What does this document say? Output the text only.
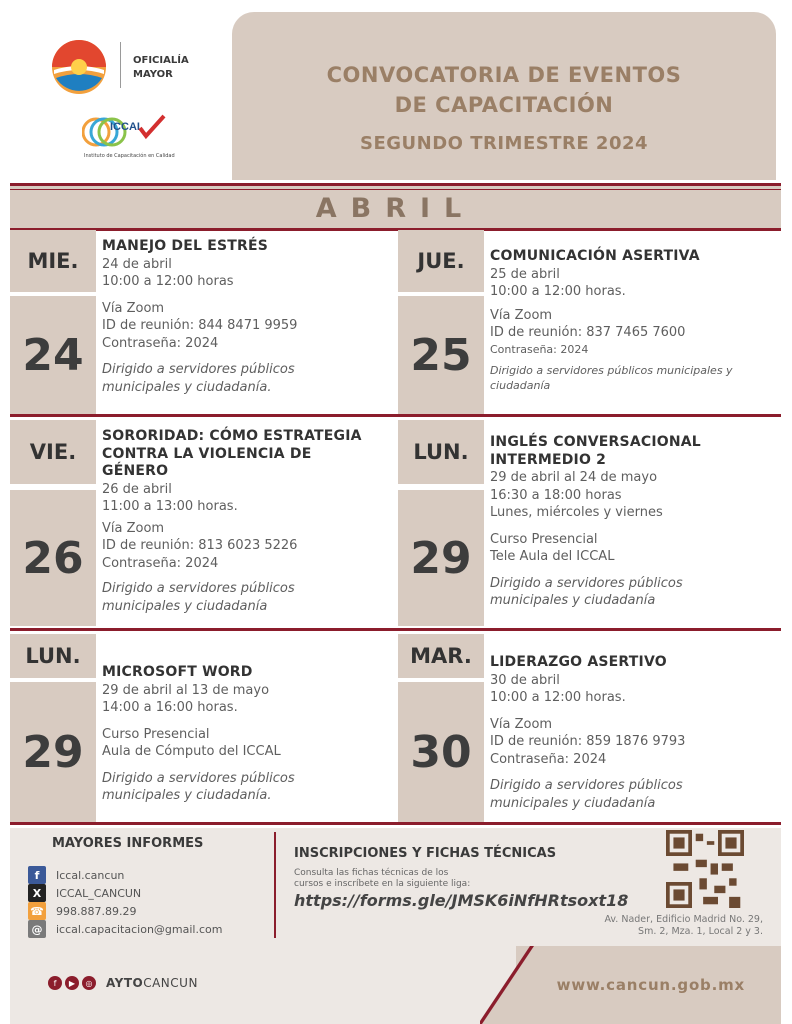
OFICIALÍA
MAYOR
ICCAL
Instituto de Capacitación en Calidad
CONVOCATORIA DE EVENTOS
DE CAPACITACIÓN
SEGUNDO TRIMESTRE 2024
ABRIL
MIE.
24
MANEJO DEL ESTRÉS
24 de abril
10:00 a 12:00 horas
Vía Zoom
ID de reunión: 844 8471 9959
Contraseña: 2024
Dirigido a servidores públicos
municipales y ciudadanía.
JUE.
25
COMUNICACIÓN ASERTIVA
25 de abril
10:00 a 12:00 horas.
Vía Zoom
ID de reunión: 837 7465 7600
Contraseña: 2024
Dirigido a servidores públicos municipales y
ciudadanía
VIE.
26
SORORIDAD: CÓMO ESTRATEGIA
CONTRA LA VIOLENCIA DE
GÉNERO
26 de abril
11:00 a 13:00 horas.
Vía Zoom
ID de reunión: 813 6023 5226
Contraseña: 2024
Dirigido a servidores públicos
municipales y ciudadanía
LUN.
29
INGLÉS CONVERSACIONAL
INTERMEDIO 2
29 de abril al 24 de mayo
16:30 a 18:00 horas
Lunes, miércoles y viernes
Curso Presencial
Tele Aula del ICCAL
Dirigido a servidores públicos
municipales y ciudadanía
LUN.
29
MICROSOFT WORD
29 de abril al 13 de mayo
14:00 a 16:00 horas.
Curso Presencial
Aula de Cómputo del ICCAL
Dirigido a servidores públicos
municipales y ciudadanía.
MAR.
30
LIDERAZGO ASERTIVO
30 de abril
10:00 a 12:00 horas.
Vía Zoom
ID de reunión: 859 1876 9793
Contraseña: 2024
Dirigido a servidores públicos
municipales y ciudadanía
MAYORES INFORMES
f	Iccal.cancun
X	ICCAL_CANCUN
☎ 998.887.89.29
@	iccal.capacitacion@gmail.com
INSCRIPCIONES Y FICHAS TÉCNICAS
Consulta las fichas técnicas de los
cursos e inscríbete en la siguiente liga:
https://forms.gle/JMSK6iNfHRtsoxt18
Av. Nader, Edificio Madrid No. 29,
Sm. 2, Mza. 1, Local 2 y 3.
f	▶	◎ AYTOCANCUN	www.cancun.gob.mx
